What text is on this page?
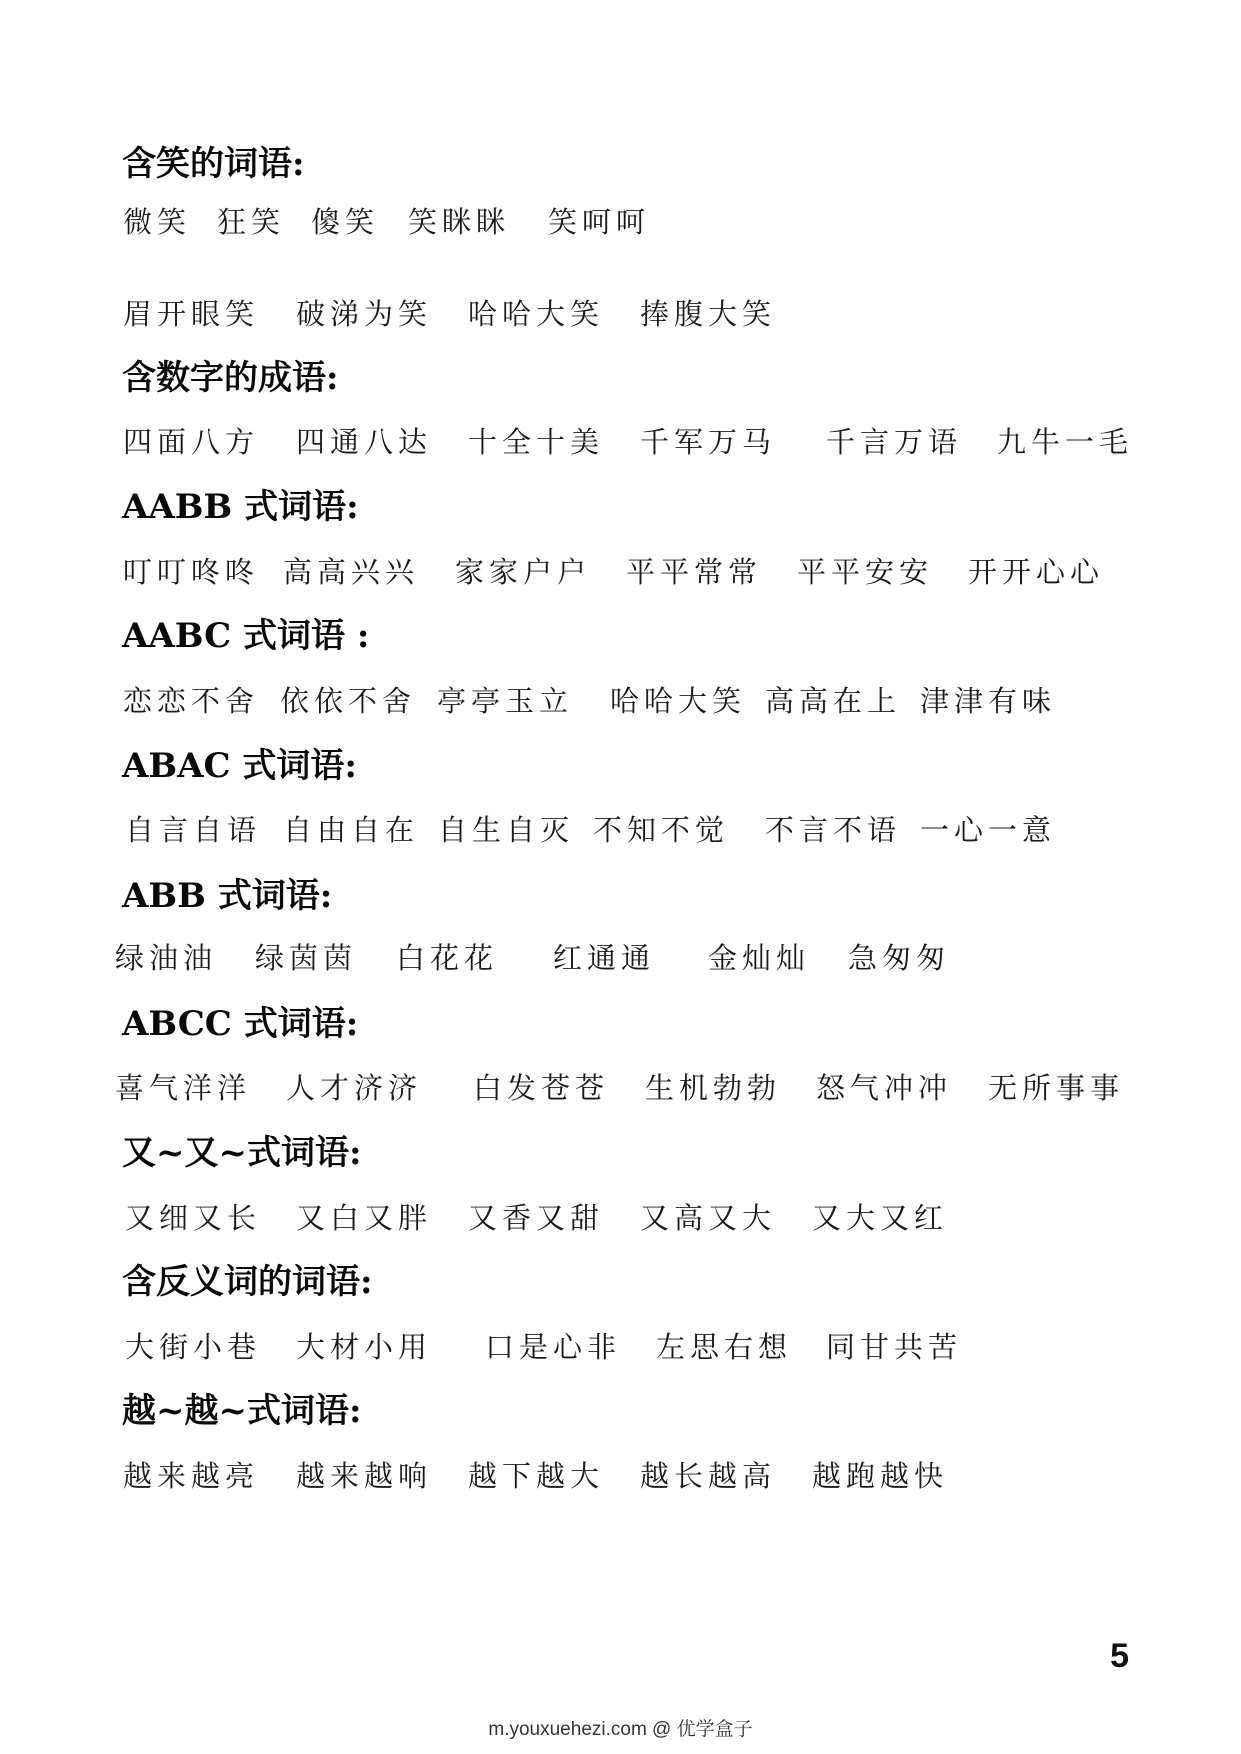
5
m.youxuehezi.com @ 优学盒子
含笑的词语:
微笑 狂笑 傻笑 笑眯眯 笑呵呵
眉开眼笑 破涕为笑 哈哈大笑 捧腹大笑
含数字的成语:
四面八方 四通八达 十全十美 千军万马 千言万语 九牛一毛
AABB 式词语:
叮叮咚咚 高高兴兴 家家户户 平平常常 平平安安 开开心心
AABC 式词语 :
恋恋不舍 依依不舍 亭亭玉立 哈哈大笑 高高在上 津津有味
ABAC 式词语:
自言自语 自由自在 自生自灭 不知不觉 不言不语 一心一意
ABB 式词语:
绿油油 绿茵茵 白花花 红通通 金灿灿 急匆匆
ABCC 式词语:
喜气洋洋 人才济济 白发苍苍 生机勃勃 怒气冲冲 无所事事
又~又~式词语:
又细又长 又白又胖 又香又甜 又高又大 又大又红
含反义词的词语:
大街小巷 大材小用 口是心非 左思右想 同甘共苦
越~越~式词语:
越来越亮 越来越响 越下越大 越长越高 越跑越快
